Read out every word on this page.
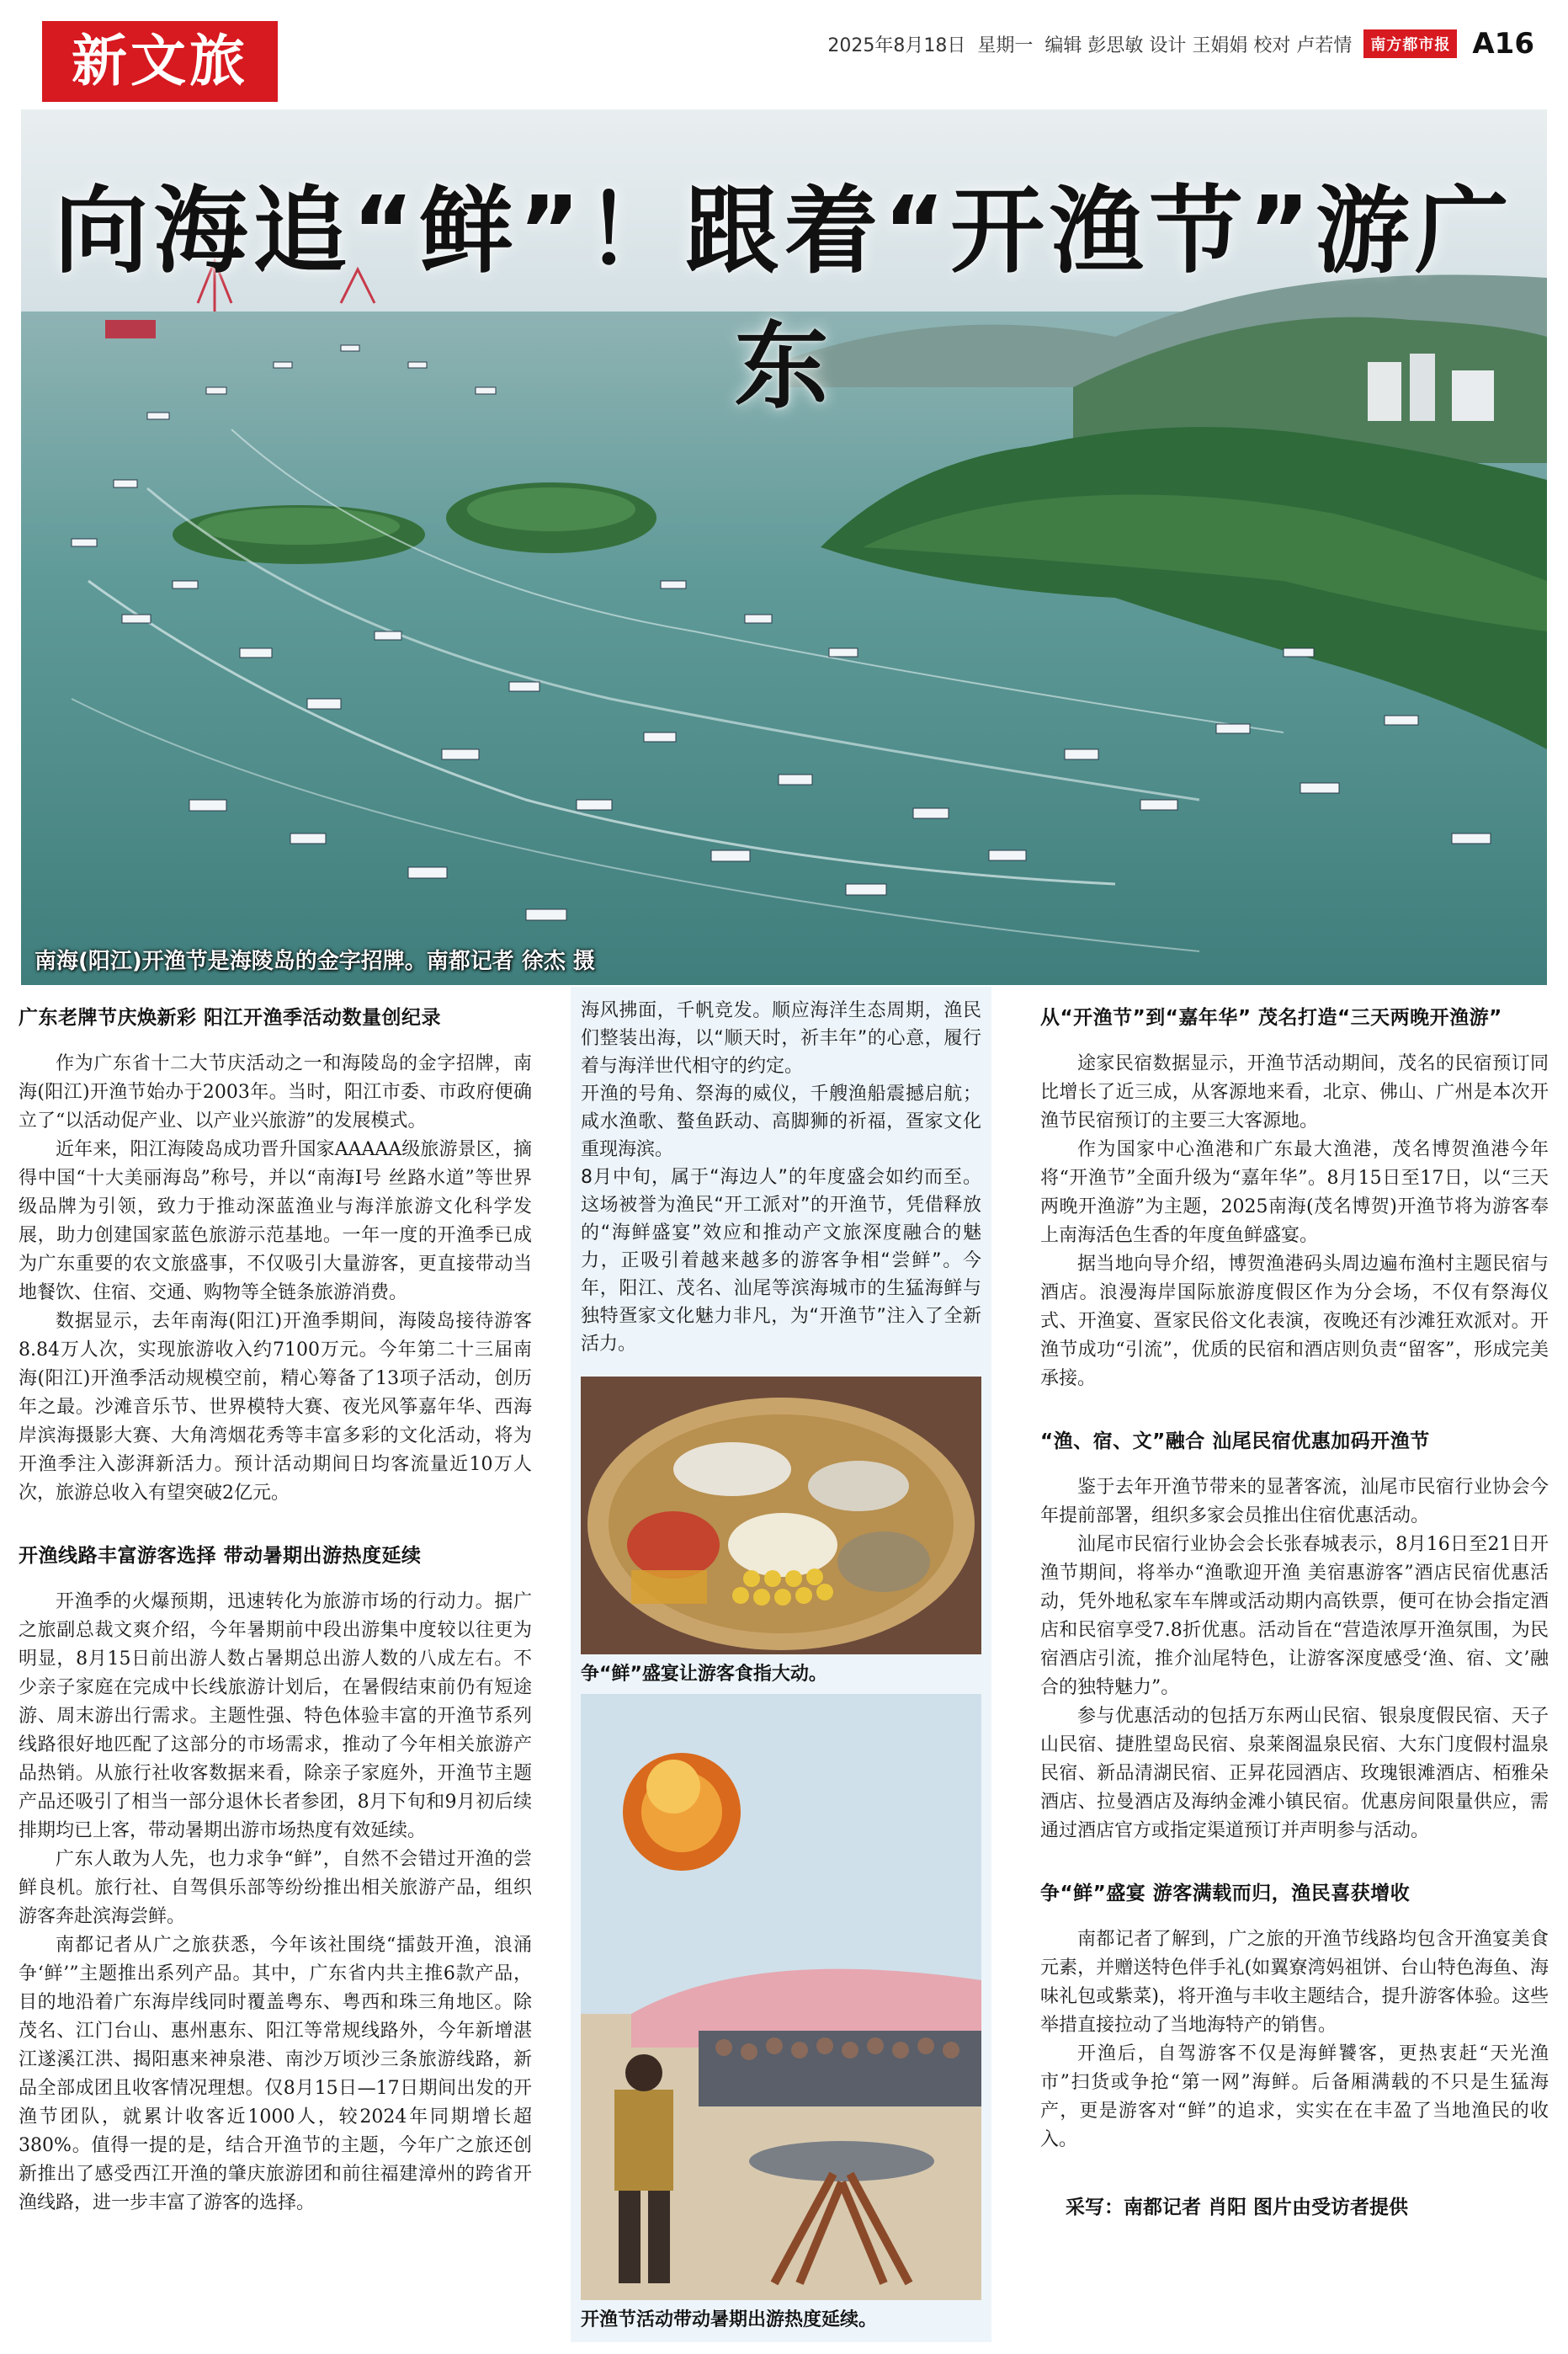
新文旅	2025年8月18日 星期一 编辑 彭思敏 设计 王娟娟 校对 卢若情	南方都市报 A16
向海追“鲜”！跟着“开渔节”游广东
南海(阳江)开渔节是海陵岛的金字招牌。南都记者 徐杰 摄
广东老牌节庆焕新彩 阳江开渔季活动数量创纪录

作为广东省十二大节庆活动之一和海陵岛的金字招牌，南海(阳江)开渔节始办于2003年。当时，阳江市委、市政府便确立了“以活动促产业、以产业兴旅游”的发展模式。

近年来，阳江海陵岛成功晋升国家AAAAA级旅游景区，摘得中国“十大美丽海岛”称号，并以“南海I号 丝路水道”等世界级品牌为引领，致力于推动深蓝渔业与海洋旅游文化科学发展，助力创建国家蓝色旅游示范基地。一年一度的开渔季已成为广东重要的农文旅盛事，不仅吸引大量游客，更直接带动当地餐饮、住宿、交通、购物等全链条旅游消费。

数据显示，去年南海(阳江)开渔季期间，海陵岛接待游客8.84万人次，实现旅游收入约7100万元。今年第二十三届南海(阳江)开渔季活动规模空前，精心筹备了13项子活动，创历年之最。沙滩音乐节、世界模特大赛、夜光风筝嘉年华、西海岸滨海摄影大赛、大角湾烟花秀等丰富多彩的文化活动，将为开渔季注入澎湃新活力。预计活动期间日均客流量近10万人次，旅游总收入有望突破2亿元。

开渔线路丰富游客选择 带动暑期出游热度延续

开渔季的火爆预期，迅速转化为旅游市场的行动力。据广之旅副总裁文爽介绍，今年暑期前中段出游集中度较以往更为明显，8月15日前出游人数占暑期总出游人数的八成左右。不少亲子家庭在完成中长线旅游计划后，在暑假结束前仍有短途游、周末游出行需求。主题性强、特色体验丰富的开渔节系列线路很好地匹配了这部分的市场需求，推动了今年相关旅游产品热销。从旅行社收客数据来看，除亲子家庭外，开渔节主题产品还吸引了相当一部分退休长者参团，8月下旬和9月初后续排期均已上客，带动暑期出游市场热度有效延续。

广东人敢为人先，也力求争“鲜”，自然不会错过开渔的尝鲜良机。旅行社、自驾俱乐部等纷纷推出相关旅游产品，组织游客奔赴滨海尝鲜。

南都记者从广之旅获悉，今年该社围绕“擂鼓开渔，浪涌争‘鲜’”主题推出系列产品。其中，广东省内共主推6款产品，目的地沿着广东海岸线同时覆盖粤东、粤西和珠三角地区。除茂名、江门台山、惠州惠东、阳江等常规线路外，今年新增湛江遂溪江洪、揭阳惠来神泉港、南沙万顷沙三条旅游线路，新品全部成团且收客情况理想。仅8月15日—17日期间出发的开渔节团队，就累计收客近1000人，较2024年同期增长超380%。值得一提的是，结合开渔节的主题，今年广之旅还创新推出了感受西江开渔的肇庆旅游团和前往福建漳州的跨省开渔线路，进一步丰富了游客的选择。

海风拂面，千帆竞发。顺应海洋生态周期，渔民们整装出海，以“顺天时，祈丰年”的心意，履行着与海洋世代相守的约定。

开渔的号角、祭海的威仪，千艘渔船震撼启航；咸水渔歌、螯鱼跃动、高脚狮的祈福，疍家文化重现海滨。

8月中旬，属于“海边人”的年度盛会如约而至。这场被誉为渔民“开工派对”的开渔节，凭借释放的“海鲜盛宴”效应和推动产文旅深度融合的魅力，正吸引着越来越多的游客争相“尝鲜”。今年，阳江、茂名、汕尾等滨海城市的生猛海鲜与独特疍家文化魅力非凡，为“开渔节”注入了全新活力。

争“鲜”盛宴让游客食指大动。
开渔节活动带动暑期出游热度延续。
从“开渔节”到“嘉年华” 茂名打造“三天两晚开渔游”

途家民宿数据显示，开渔节活动期间，茂名的民宿预订同比增长了近三成，从客源地来看，北京、佛山、广州是本次开渔节民宿预订的主要三大客源地。

作为国家中心渔港和广东最大渔港，茂名博贺渔港今年将“开渔节”全面升级为“嘉年华”。8月15日至17日，以“三天两晚开渔游”为主题，2025南海(茂名博贺)开渔节将为游客奉上南海活色生香的年度鱼鲜盛宴。

据当地向导介绍，博贺渔港码头周边遍布渔村主题民宿与酒店。浪漫海岸国际旅游度假区作为分会场，不仅有祭海仪式、开渔宴、疍家民俗文化表演，夜晚还有沙滩狂欢派对。开渔节成功“引流”，优质的民宿和酒店则负责“留客”，形成完美承接。

“渔、宿、文”融合 汕尾民宿优惠加码开渔节

鉴于去年开渔节带来的显著客流，汕尾市民宿行业协会今年提前部署，组织多家会员推出住宿优惠活动。

汕尾市民宿行业协会会长张春城表示，8月16日至21日开渔节期间，将举办“渔歌迎开渔 美宿惠游客”酒店民宿优惠活动，凭外地私家车车牌或活动期内高铁票，便可在协会指定酒店和民宿享受7.8折优惠。活动旨在“营造浓厚开渔氛围，为民宿酒店引流，推介汕尾特色，让游客深度感受‘渔、宿、文’融合的独特魅力”。

参与优惠活动的包括万东两山民宿、银泉度假民宿、天子山民宿、捷胜望岛民宿、泉莱阁温泉民宿、大东门度假村温泉民宿、新品清湖民宿、正昇花园酒店、玫瑰银滩酒店、栢雅朵酒店、拉曼酒店及海纳金滩小镇民宿。优惠房间限量供应，需通过酒店官方或指定渠道预订并声明参与活动。

争“鲜”盛宴 游客满载而归，渔民喜获增收

南都记者了解到，广之旅的开渔节线路均包含开渔宴美食元素，并赠送特色伴手礼(如翼寮湾妈祖饼、台山特色海鱼、海味礼包或紫菜)，将开渔与丰收主题结合，提升游客体验。这些举措直接拉动了当地海特产的销售。

开渔后，自驾游客不仅是海鲜饕客，更热衷赶“天光渔市”扫货或争抢“第一网”海鲜。后备厢满载的不只是生猛海产，更是游客对“鲜”的追求，实实在在丰盈了当地渔民的收入。

采写：南都记者 肖阳 图片由受访者提供
